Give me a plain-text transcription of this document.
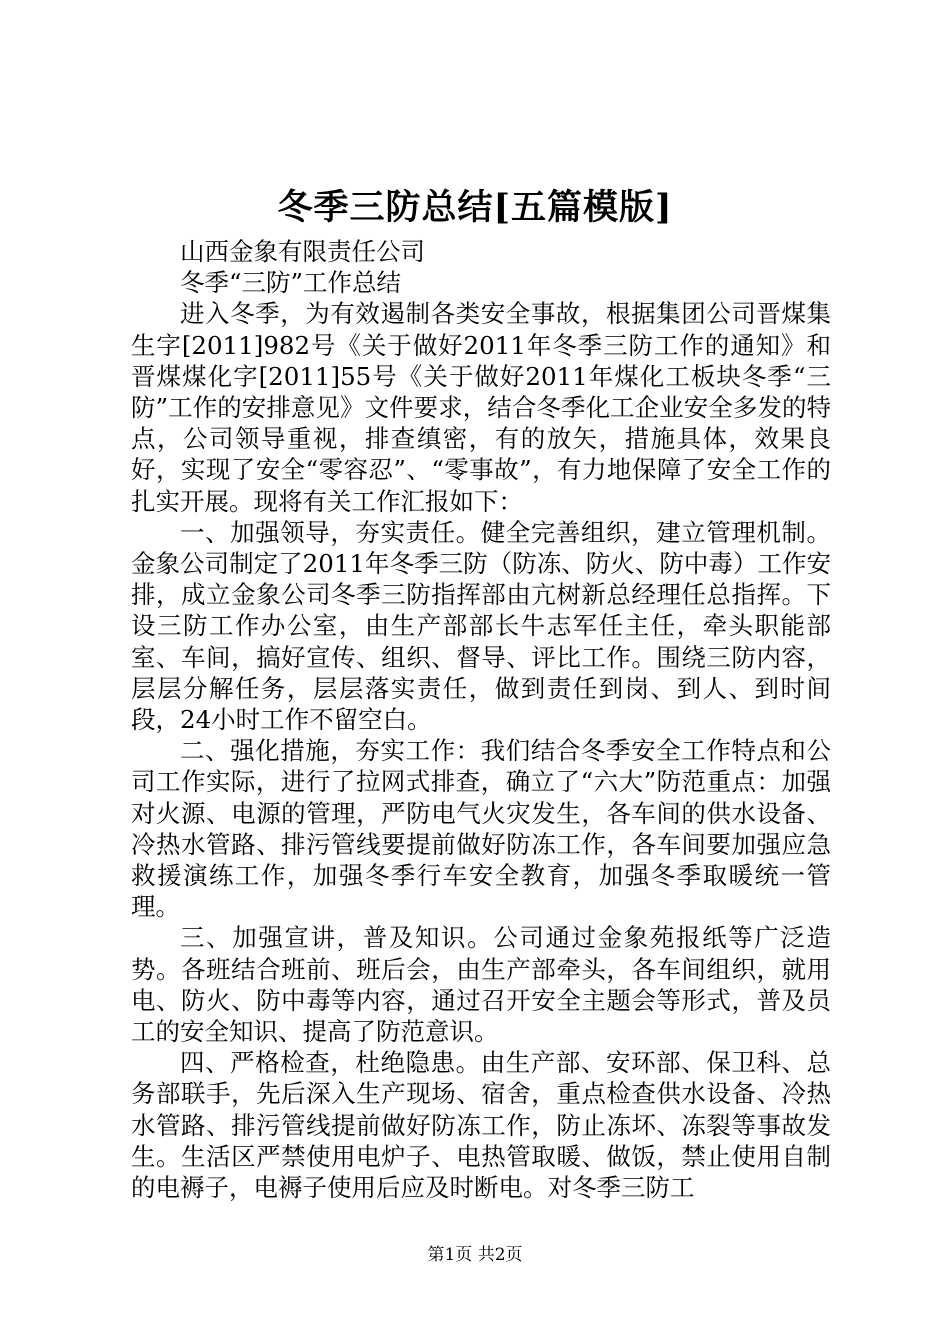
冬季三防总结[五篇模版]

山西金象有限责任公司

冬季“三防”工作总结

进入冬季，为有效遏制各类安全事故，根据集团公司晋煤集生字[2011]982号《关于做好2011年冬季三防工作的通知》和晋煤煤化字[2011]55号《关于做好2011年煤化工板块冬季“三防”工作的安排意见》文件要求，结合冬季化工企业安全多发的特点，公司领导重视，排查缜密，有的放矢，措施具体，效果良好，实现了安全“零容忍”、“零事故”，有力地保障了安全工作的扎实开展。现将有关工作汇报如下：

一、加强领导，夯实责任。健全完善组织，建立管理机制。金象公司制定了2011年冬季三防（防冻、防火、防中毒）工作安排，成立金象公司冬季三防指挥部由亢树新总经理任总指挥。下设三防工作办公室，由生产部部长牛志军任主任，牵头职能部室、车间，搞好宣传、组织、督导、评比工作。围绕三防内容，层层分解任务，层层落实责任，做到责任到岗、到人、到时间段，24小时工作不留空白。

二、强化措施，夯实工作：我们结合冬季安全工作特点和公司工作实际，进行了拉网式排查，确立了“六大”防范重点：加强对火源、电源的管理，严防电气火灾发生，各车间的供水设备、冷热水管路、排污管线要提前做好防冻工作，各车间要加强应急救援演练工作，加强冬季行车安全教育，加强冬季取暖统一管理。

三、加强宣讲，普及知识。公司通过金象苑报纸等广泛造势。各班结合班前、班后会，由生产部牵头，各车间组织，就用电、防火、防中毒等内容，通过召开安全主题会等形式，普及员工的安全知识、提高了防范意识。

四、严格检查，杜绝隐患。由生产部、安环部、保卫科、总务部联手，先后深入生产现场、宿舍，重点检查供水设备、冷热水管路、排污管线提前做好防冻工作，防止冻坏、冻裂等事故发生。生活区严禁使用电炉子、电热管取暖、做饭，禁止使用自制的电褥子，电褥子使用后应及时断电。对冬季三防工

第1页 共2页
